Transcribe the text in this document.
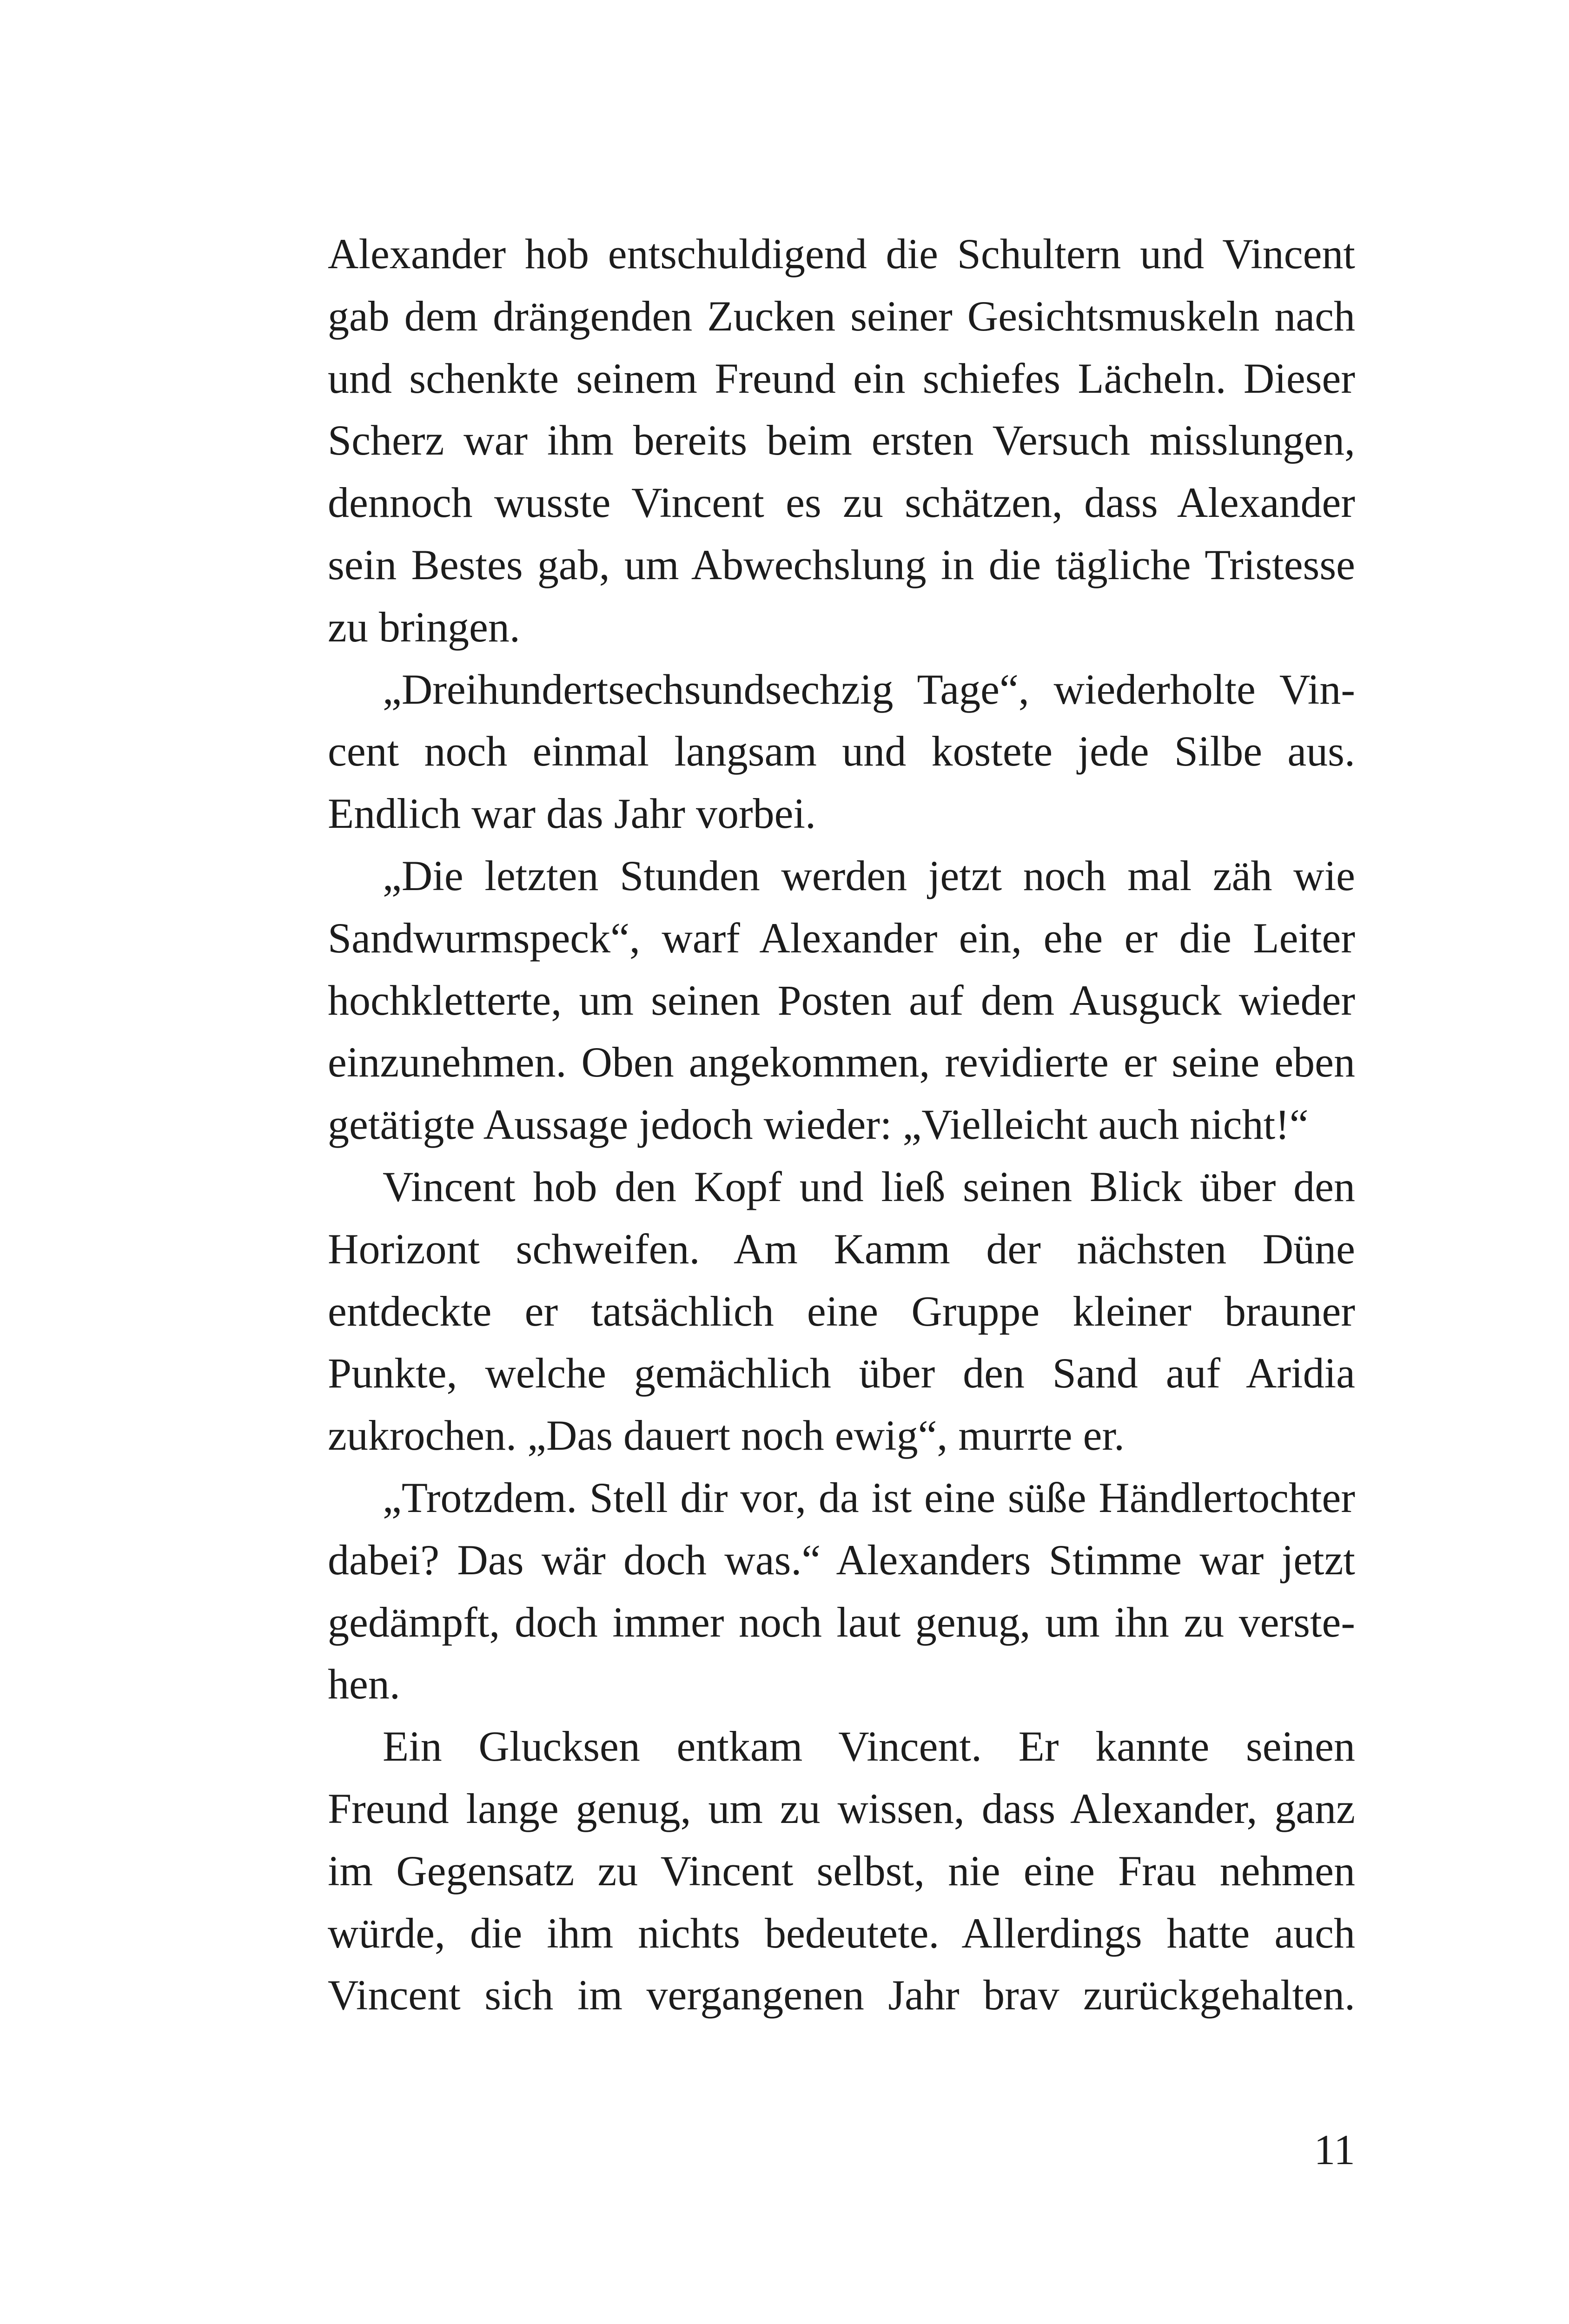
Alexander hob entschuldigend die Schultern und Vincent
gab dem drängenden Zucken seiner Gesichtsmuskeln nach
und schenkte seinem Freund ein schiefes Lächeln. Dieser
Scherz war ihm bereits beim ersten Versuch misslungen,
dennoch wusste Vincent es zu schätzen, dass Alexander
sein Bestes gab, um Abwechslung in die tägliche Tristesse
zu bringen.
„Dreihundertsechsundsechzig Tage“, wiederholte Vin-
cent noch einmal langsam und kostete jede Silbe aus.
Endlich war das Jahr vorbei.
„Die letzten Stunden werden jetzt noch mal zäh wie
Sandwurmspeck“, warf Alexander ein, ehe er die Leiter
hochkletterte, um seinen Posten auf dem Ausguck wieder
einzunehmen. Oben angekommen, revidierte er seine eben
getätigte Aussage jedoch wieder: „Vielleicht auch nicht!“
Vincent hob den Kopf und ließ seinen Blick über den
Horizont schweifen. Am Kamm der nächsten Düne
entdeckte er tatsächlich eine Gruppe kleiner brauner
Punkte, welche gemächlich über den Sand auf Aridia
zukrochen. „Das dauert noch ewig“, murrte er.
„Trotzdem. Stell dir vor, da ist eine süße Händlertochter
dabei? Das wär doch was.“ Alexanders Stimme war jetzt
gedämpft, doch immer noch laut genug, um ihn zu verste-
hen.
Ein Glucksen entkam Vincent. Er kannte seinen
Freund lange genug, um zu wissen, dass Alexander, ganz
im Gegensatz zu Vincent selbst, nie eine Frau nehmen
würde, die ihm nichts bedeutete. Allerdings hatte auch
Vincent sich im vergangenen Jahr brav zurückgehalten.
11
